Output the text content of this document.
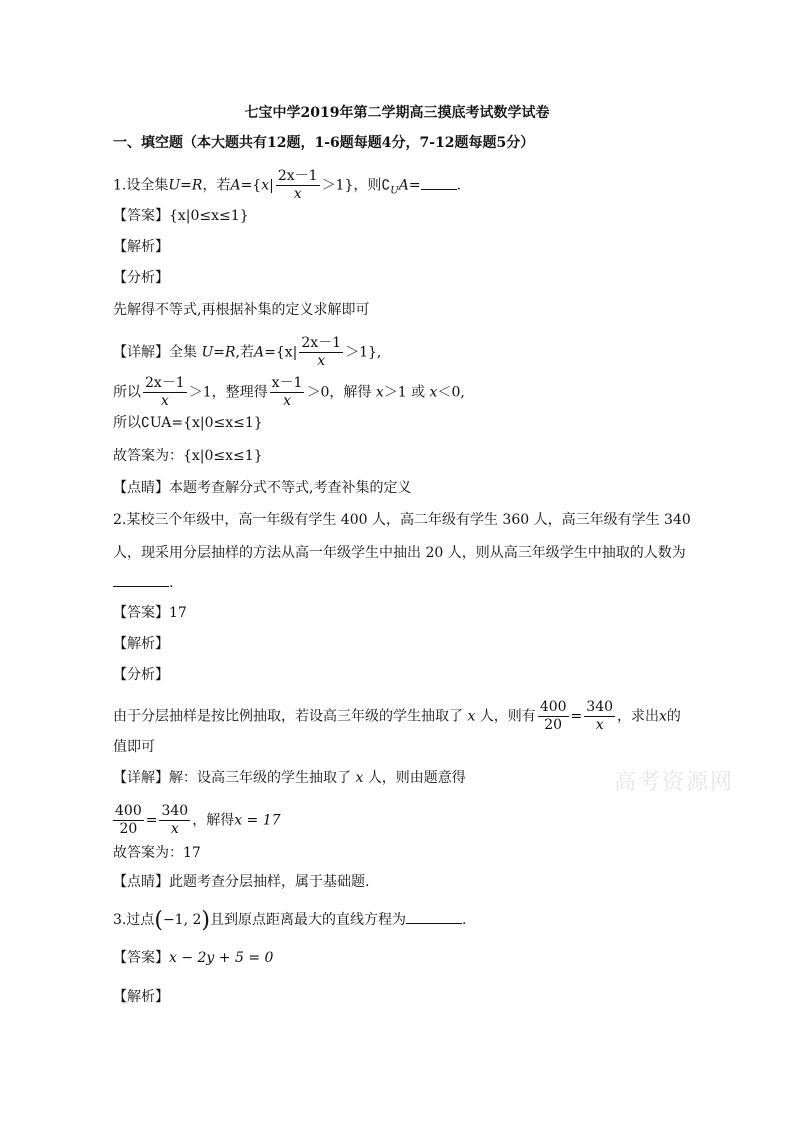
七宝中学2019年第二学期高三摸底考试数学试卷
一、填空题（本大题共有12题，1-6题每题4分，7-12题每题5分）
1.设全集U=R，若$A=\{x| \frac{2x-1}{x} >1\}$，则$∁_UA=$	.
【答案】{x|0≤x≤1}
【解析】
【分析】
先解得不等式,再根据补集的定义求解即可
【详解】全集 U=R,若$A=\{x| \frac{2x-1}{x} >1\}$,
所以 $\frac{2x-1}{x} >1$，整理得 $\frac{x-1}{x} >0$，解得 x＞1 或 x＜0,
所以∁UA={x|0≤x≤1}
故答案为：{x|0≤x≤1}
【点睛】本题考查解分式不等式,考查补集的定义
2.某校三个年级中，高一年级有学生 400 人，高二年级有学生 360 人，高三年级有学生 340
人，现采用分层抽样的方法从高一年级学生中抽出 20 人，则从高三年级学生中抽取的人数为
.
【答案】17
【解析】
【分析】
由于分层抽样是按比例抽取，若设高三年级的学生抽取了 x 人，则有 $\frac{400}{20} = \frac{340}{x}$ ，求出x的
值即可
【详解】解：设高三年级的学生抽取了 x 人，则由题意得
$\frac{400}{20} = \frac{340}{x}$ ，解得x = 17
故答案为：17
【点睛】此题考查分层抽样，属于基础题.
3.过点(−1, 2)且到原点距离最大的直线方程为	.
【答案】x − 2y + 5 = 0
【解析】
高考资源网
